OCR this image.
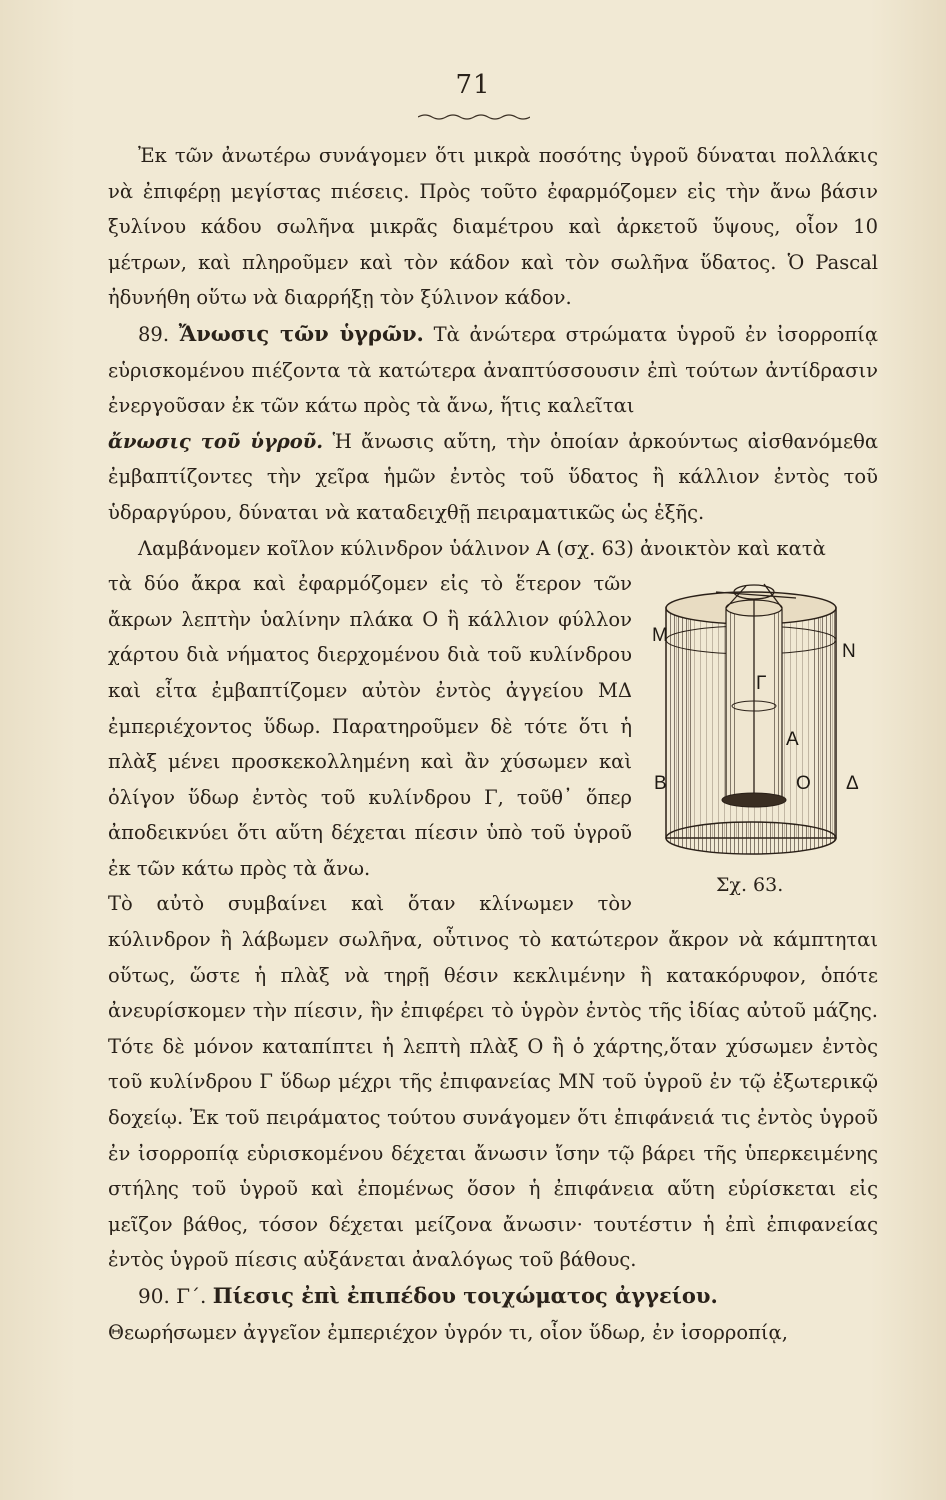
71

Ἐκ τῶν ἀνωτέρω συνάγομεν ὅτι μικρὰ ποσότης ὑγροῦ δύναται πολλάκις νὰ ἐπιφέρῃ μεγίστας πιέσεις. Πρὸς τοῦτο ἐφαρμόζομεν εἰς τὴν ἄνω βάσιν ξυλίνου κάδου σωλῆνα μικρᾶς διαμέτρου καὶ ἀρκετοῦ ὕψους, οἷον 10 μέτρων, καὶ πληροῦμεν καὶ τὸν κάδον καὶ τὸν σωλῆνα ὕδατος. Ὁ Pascal ἠδυνήθη οὕτω νὰ διαρρήξῃ τὸν ξύλινον κάδον.

89. Ἄνωσις τῶν ὑγρῶν. Τὰ ἀνώτερα στρώματα ὑγροῦ ἐν ἰσορροπίᾳ εὑρισκομένου πιέζοντα τὰ κατώτερα ἀναπτύσσουσιν ἐπὶ τούτων ἀντίδρασιν ἐνεργοῦσαν ἐκ τῶν κάτω πρὸς τὰ ἄνω, ἥτις καλεῖται

ἄνωσις τοῦ ὑγροῦ. Ἡ ἄνωσις αὕτη, τὴν ὁποίαν ἀρκούντως αἰσθανόμεθα ἐμβαπτίζοντες τὴν χεῖρα ἡμῶν ἐντὸς τοῦ ὕδατος ἢ κάλλιον ἐντὸς τοῦ ὑδραργύρου, δύναται νὰ καταδειχθῇ πειραματικῶς ὡς ἑξῆς.

Λαμβάνομεν κοῖλον κύλινδρον ὑάλινον Α (σχ. 63) ἀνοικτὸν καὶ κατὰ

M
N
Γ
Α
B	O Δ
Σχ. 63.

τὰ δύο ἄκρα καὶ ἐφαρμόζομεν εἰς τὸ ἕτερον τῶν ἄκρων λεπτὴν ὑαλίνην πλάκα Ο ἢ κάλλιον φύλλον χάρτου διὰ νήματος διερχομένου διὰ τοῦ κυλίνδρου καὶ εἶτα ἐμβαπτίζομεν αὐτὸν ἐντὸς ἀγγείου ΜΔ ἐμπεριέχοντος ὕδωρ. Παρατηροῦμεν δὲ τότε ὅτι ἡ πλὰξ μένει προσκεκολλημένη καὶ ἂν χύσωμεν καὶ ὀλίγον ὕδωρ ἐντὸς τοῦ κυλίνδρου Γ, τοῦθ᾽ ὅπερ ἀποδεικνύει ὅτι αὕτη δέχεται πίεσιν ὑπὸ τοῦ ὑγροῦ ἐκ τῶν κάτω πρὸς τὰ ἄνω.

Τὸ αὐτὸ συμβαίνει καὶ ὅταν κλίνωμεν τὸν κύλινδρον ἢ λάβωμεν σωλῆνα, οὗτινος τὸ κατώτερον ἄκρον νὰ κάμπτηται οὕτως, ὥστε ἡ πλὰξ νὰ τηρῇ θέσιν κεκλιμένην ἢ κατακόρυφον, ὁπότε ἀνευρίσκομεν τὴν πίεσιν, ἣν ἐπιφέρει τὸ ὑγρὸν ἐντὸς τῆς ἰδίας αὐτοῦ μάζης. Τότε δὲ μόνον καταπίπτει ἡ λεπτὴ πλὰξ Ο ἢ ὁ χάρτης,ὅταν χύσωμεν ἐντὸς τοῦ κυλίνδρου Γ ὕδωρ μέχρι τῆς ἐπιφανείας ΜΝ τοῦ ὑγροῦ ἐν τῷ ἐξωτερικῷ δοχείῳ. Ἐκ τοῦ πειράματος τούτου συνάγομεν ὅτι ἐπιφάνειά τις ἐντὸς ὑγροῦ ἐν ἰσορροπίᾳ εὑρισκομένου δέχεται ἄνωσιν ἴσην τῷ βάρει τῆς ὑπερκειμένης στήλης τοῦ ὑγροῦ καὶ ἐπομένως ὅσον ἡ ἐπιφάνεια αὕτη εὑρίσκεται εἰς μεῖζον βάθος, τόσον δέχεται μείζονα ἄνωσιν· τουτέστιν ἡ ἐπὶ ἐπιφανείας ἐντὸς ὑγροῦ πίεσις αὐξάνεται ἀναλόγως τοῦ βάθους.

90. Γ΄. Πίεσις ἐπὶ ἐπιπέδου τοιχώματος ἀγγείου.

Θεωρήσωμεν ἀγγεῖον ἐμπεριέχον ὑγρόν τι, οἷον ὕδωρ, ἐν ἰσορροπίᾳ,
